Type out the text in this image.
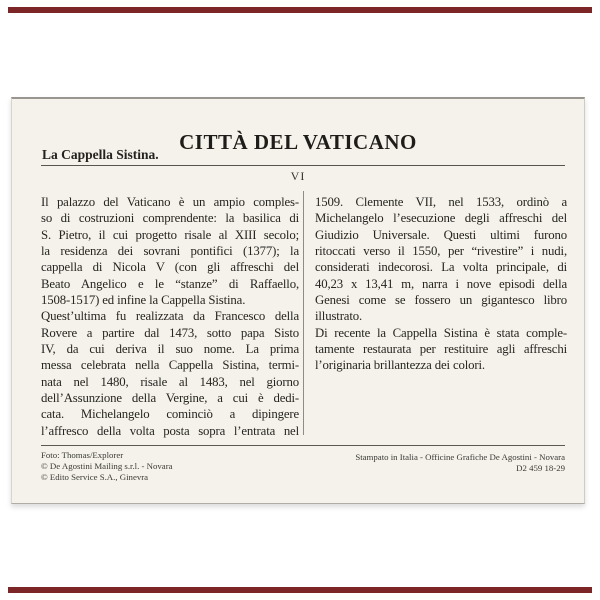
CITTÀ DEL VATICANO
La Cappella Sistina.
VI
Il palazzo del Vaticano è un ampio comples-
so di costruzioni comprendente: la basilica di
S. Pietro, il cui progetto risale al XIII secolo;
la residenza dei sovrani pontifici (1377); la
cappella di Nicola V (con gli affreschi del
Beato Angelico e le “stanze” di Raffaello,
1508-1517) ed infine la Cappella Sistina.
Quest’ultima fu realizzata da Francesco della
Rovere a partire dal 1473, sotto papa Sisto
IV, da cui deriva il suo nome. La prima
messa celebrata nella Cappella Sistina, termi-
nata nel 1480, risale al 1483, nel giorno
dell’Assunzione della Vergine, a cui è dedi-
cata. Michelangelo cominciò a dipingere
l’affresco della volta posta sopra l’entrata nel
1509. Clemente VII, nel 1533, ordinò a
Michelangelo l’esecuzione degli affreschi del
Giudizio Universale. Questi ultimi furono
ritoccati verso il 1550, per “rivestire” i nudi,
considerati indecorosi. La volta principale, di
40,23 x 13,41 m, narra i nove episodi della
Genesi come se fossero un gigantesco libro
illustrato.
Di recente la Cappella Sistina è stata comple-
tamente restaurata per restituire agli affreschi
l’originaria brillantezza dei colori.
Foto: Thomas/Explorer
© De Agostini Mailing s.r.l. - Novara
© Edito Service S.A., Ginevra
Stampato in Italia - Officine Grafiche De Agostini - Novara
D2 459 18-29
